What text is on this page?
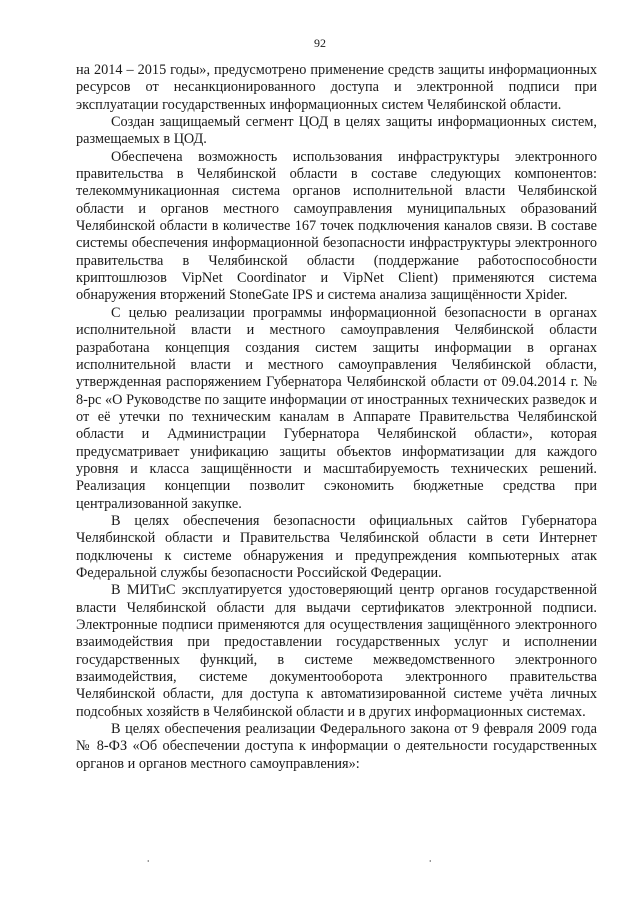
92

на 2014 – 2015 годы», предусмотрено применение средств защиты информационных ресурсов от несанкционированного доступа и электронной подписи при эксплуатации государственных информационных систем Челябинской области.

Создан защищаемый сегмент ЦОД в целях защиты информационных систем, размещаемых в ЦОД.

Обеспечена возможность использования инфраструктуры электронного правительства в Челябинской области в составе следующих компонентов: телекоммуникационная система органов исполнительной власти Челябинской области и органов местного самоуправления муниципальных образований Челябинской области в количестве 167 точек подключения каналов связи. В составе системы обеспечения информационной безопасности инфраструктуры электронного правительства в Челябинской области (поддержание работоспособности криптошлюзов VipNet Coordinator и VipNet Client) применяются система обнаружения вторжений StoneGate IPS и система анализа защищённости Xpider.

С целью реализации программы информационной безопасности в органах исполнительной власти и местного самоуправления Челябинской области разработана концепция создания систем защиты информации в органах исполнительной власти и местного самоуправления Челябинской области, утвержденная распоряжением Губернатора Челябинской области от 09.04.2014 г. № 8-рс «О Руководстве по защите информации от иностранных технических разведок и от её утечки по техническим каналам в Аппарате Правительства Челябинской области и Администрации Губернатора Челябинской области», которая предусматривает унификацию защиты объектов информатизации для каждого уровня и класса защищённости и масштабируемость технических решений. Реализация концепции позволит сэкономить бюджетные средства при централизованной закупке.

В целях обеспечения безопасности официальных сайтов Губернатора Челябинской области и Правительства Челябинской области в сети Интернет подключены к системе обнаружения и предупреждения компьютерных атак Федеральной службы безопасности Российской Федерации.

В МИТиС эксплуатируется удостоверяющий центр органов государственной власти Челябинской области для выдачи сертификатов электронной подписи. Электронные подписи применяются для осуществления защищённого электронного взаимодействия при предоставлении государственных услуг и исполнении государственных функций, в системе межведомственного электронного взаимодействия, системе документооборота электронного правительства Челябинской области, для доступа к автоматизированной системе учёта личных подсобных хозяйств в Челябинской области и в других информационных системах.

В целях обеспечения реализации Федерального закона от 9 февраля 2009 года № 8-ФЗ «Об обеспечении доступа к информации о деятельности государственных органов и органов местного самоуправления»:

ˌ	ˌ
